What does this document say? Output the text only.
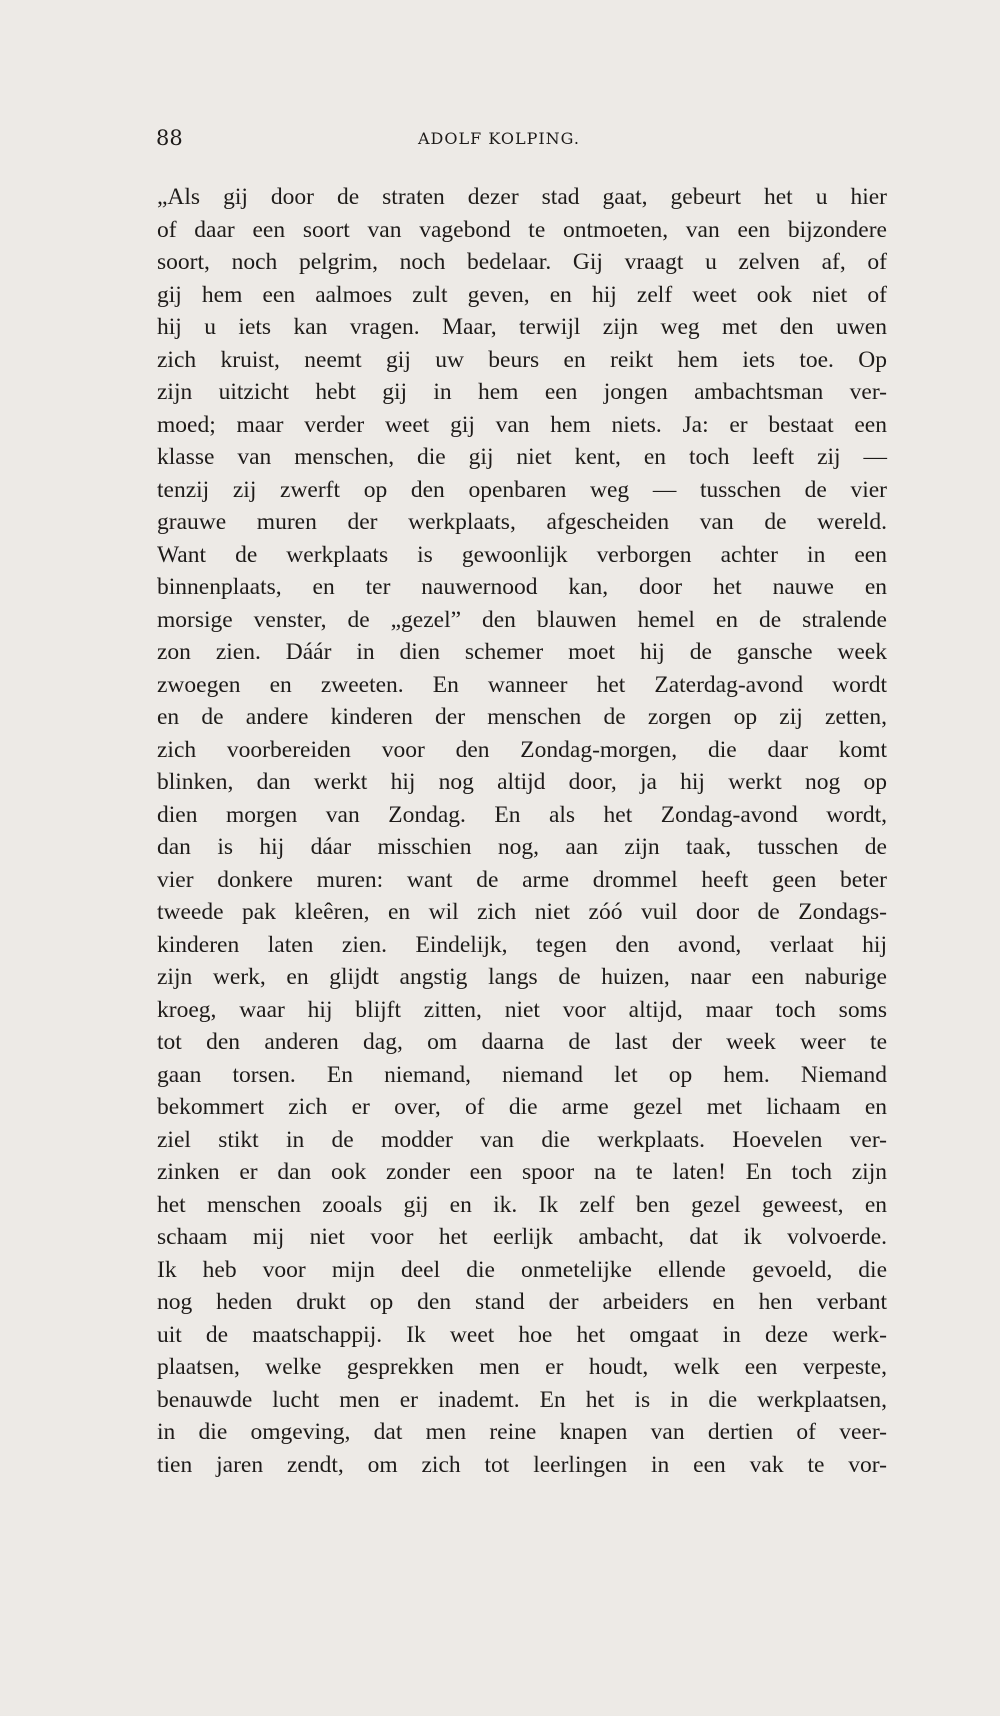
88	ADOLF KOLPING.
„Als gij door de straten dezer stad gaat, gebeurt het u hier
of daar een soort van vagebond te ontmoeten, van een bijzondere
soort, noch pelgrim, noch bedelaar. Gij vraagt u zelven af, of
gij hem een aalmoes zult geven, en hij zelf weet ook niet of
hij u iets kan vragen. Maar, terwijl zijn weg met den uwen
zich kruist, neemt gij uw beurs en reikt hem iets toe. Op
zijn uitzicht hebt gij in hem een jongen ambachtsman ver-
moed; maar verder weet gij van hem niets. Ja: er bestaat een
klasse van menschen, die gij niet kent, en toch leeft zij —
tenzij zij zwerft op den openbaren weg — tusschen de vier
grauwe muren der werkplaats, afgescheiden van de wereld.
Want de werkplaats is gewoonlijk verborgen achter in een
binnenplaats, en ter nauwernood kan, door het nauwe en
morsige venster, de „gezel” den blauwen hemel en de stralende
zon zien. Dáár in dien schemer moet hij de gansche week
zwoegen en zweeten. En wanneer het Zaterdag-avond wordt
en de andere kinderen der menschen de zorgen op zij zetten,
zich voorbereiden voor den Zondag-morgen, die daar komt
blinken, dan werkt hij nog altijd door, ja hij werkt nog op
dien morgen van Zondag. En als het Zondag-avond wordt,
dan is hij dáar misschien nog, aan zijn taak, tusschen de
vier donkere muren: want de arme drommel heeft geen beter
tweede pak kleêren, en wil zich niet zóó vuil door de Zondags-
kinderen laten zien. Eindelijk, tegen den avond, verlaat hij
zijn werk, en glijdt angstig langs de huizen, naar een naburige
kroeg, waar hij blijft zitten, niet voor altijd, maar toch soms
tot den anderen dag, om daarna de last der week weer te
gaan torsen. En niemand, niemand let op hem. Niemand
bekommert zich er over, of die arme gezel met lichaam en
ziel stikt in de modder van die werkplaats. Hoevelen ver-
zinken er dan ook zonder een spoor na te laten! En toch zijn
het menschen zooals gij en ik. Ik zelf ben gezel geweest, en
schaam mij niet voor het eerlijk ambacht, dat ik volvoerde.
Ik heb voor mijn deel die onmetelijke ellende gevoeld, die
nog heden drukt op den stand der arbeiders en hen verbant
uit de maatschappij. Ik weet hoe het omgaat in deze werk-
plaatsen, welke gesprekken men er houdt, welk een verpeste,
benauwde lucht men er inademt. En het is in die werkplaatsen,
in die omgeving, dat men reine knapen van dertien of veer-
tien jaren zendt, om zich tot leerlingen in een vak te vor-
